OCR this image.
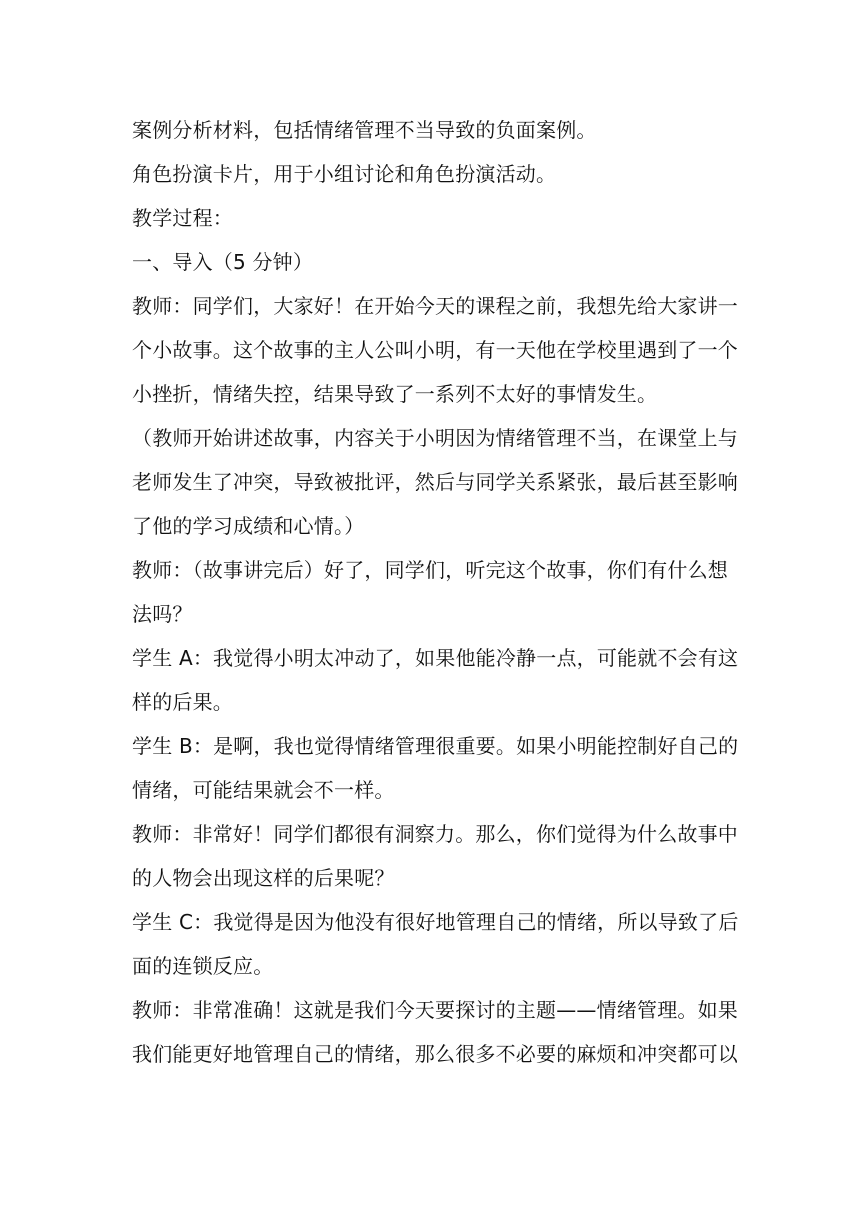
案例分析材料，包括情绪管理不当导致的负面案例。
角色扮演卡片，用于小组讨论和角色扮演活动。
教学过程：
一、导入（5 分钟）
教师：同学们，大家好！在开始今天的课程之前，我想先给大家讲一
个小故事。这个故事的主人公叫小明，有一天他在学校里遇到了一个
小挫折，情绪失控，结果导致了一系列不太好的事情发生。
（教师开始讲述故事，内容关于小明因为情绪管理不当，在课堂上与
老师发生了冲突，导致被批评，然后与同学关系紧张，最后甚至影响
了他的学习成绩和心情。）
教师：（故事讲完后）好了，同学们，听完这个故事，你们有什么想
法吗？
学生 A：我觉得小明太冲动了，如果他能冷静一点，可能就不会有这
样的后果。
学生 B：是啊，我也觉得情绪管理很重要。如果小明能控制好自己的
情绪，可能结果就会不一样。
教师：非常好！同学们都很有洞察力。那么，你们觉得为什么故事中
的人物会出现这样的后果呢？
学生 C：我觉得是因为他没有很好地管理自己的情绪，所以导致了后
面的连锁反应。
教师：非常准确！这就是我们今天要探讨的主题——情绪管理。如果
我们能更好地管理自己的情绪，那么很多不必要的麻烦和冲突都可以
